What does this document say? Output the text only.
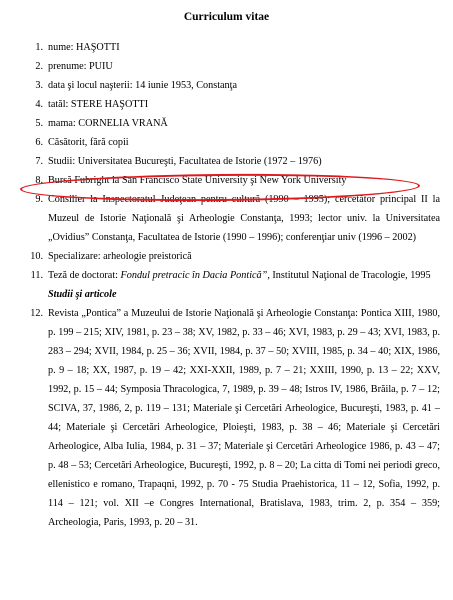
Curriculum vitae
1. nume: HAŞOTTI
2. prenume: PUIU
3. data şi locul naşterii: 14 iunie 1953, Constanţa
4. tatăl: STERE HAŞOTTI
5. mama: CORNELIA VRANĂ
6. Căsătorit, fără copii
7. Studii: Universitatea Bucureşti, Facultatea de Istorie (1972 – 1976)
8. Bursă Fubright la San Francisco State University şi New York University
9. Consilier la Inspectoratul Judeţean pentru cultură (1990 – 1995); cercetător principal II la Muzeul de Istorie Naţională şi Arheologie Constanţa, 1993; lector univ. la Universitatea „Ovidius” Constanţa, Facultatea de Istorie (1990 – 1996); conferenţiar univ (1996 – 2002)
10. Specializare: arheologie preistorică
11. Teză de doctorat: Fondul pretracic în Dacia Pontică”, Institutul Naţional de Tracologie, 1995
Studii şi articole
12. Revista „Pontica” a Muzeului de Istorie Naţională şi Arheologie Constanţa: Pontica XIII, 1980, p. 199 – 215; XIV, 1981, p. 23 – 38; XV, 1982, p. 33 – 46; XVI, 1983, p. 29 – 43; XVI, 1983, p. 283 – 294; XVII, 1984, p. 25 – 36; XVII, 1984, p. 37 – 50; XVIII, 1985, p. 34 – 40; XIX, 1986, p. 9 – 18; XX, 1987, p. 19 – 42; XXI-XXII, 1989, p. 7 – 21; XXIII, 1990, p. 13 – 22; XXV, 1992, p. 15 – 44; Symposia Thracologica, 7, 1989, p. 39 – 48; Istros IV, 1986, Brăila, p. 7 – 12; SCIVA, 37, 1986, 2, p. 119 – 131; Materiale şi Cercetări Arheologice, Bucureşti, 1983, p. 41 – 44; Materiale şi Cercetări Arheologice, Ploieşti, 1983, p. 38 – 46; Materiale şi Cercetări Arheologice, Alba Iulia, 1984, p. 31 – 37; Materiale şi Cercetări Arheologice 1986, p. 43 – 47; p. 48 – 53; Cercetări Arheologice, Bucureşti, 1992, p. 8 – 20; La citta di Tomi nei periodi greco, ellenistico e romano, Trapaqni, 1992, p. 70 - 75 Studia Praehistorica, 11 – 12, Sofia, 1992, p. 114 – 121; vol. XII –e Congres International, Bratislava, 1983, trim. 2, p. 354 – 359; Archeologia, Paris, 1993, p. 20 – 31.
